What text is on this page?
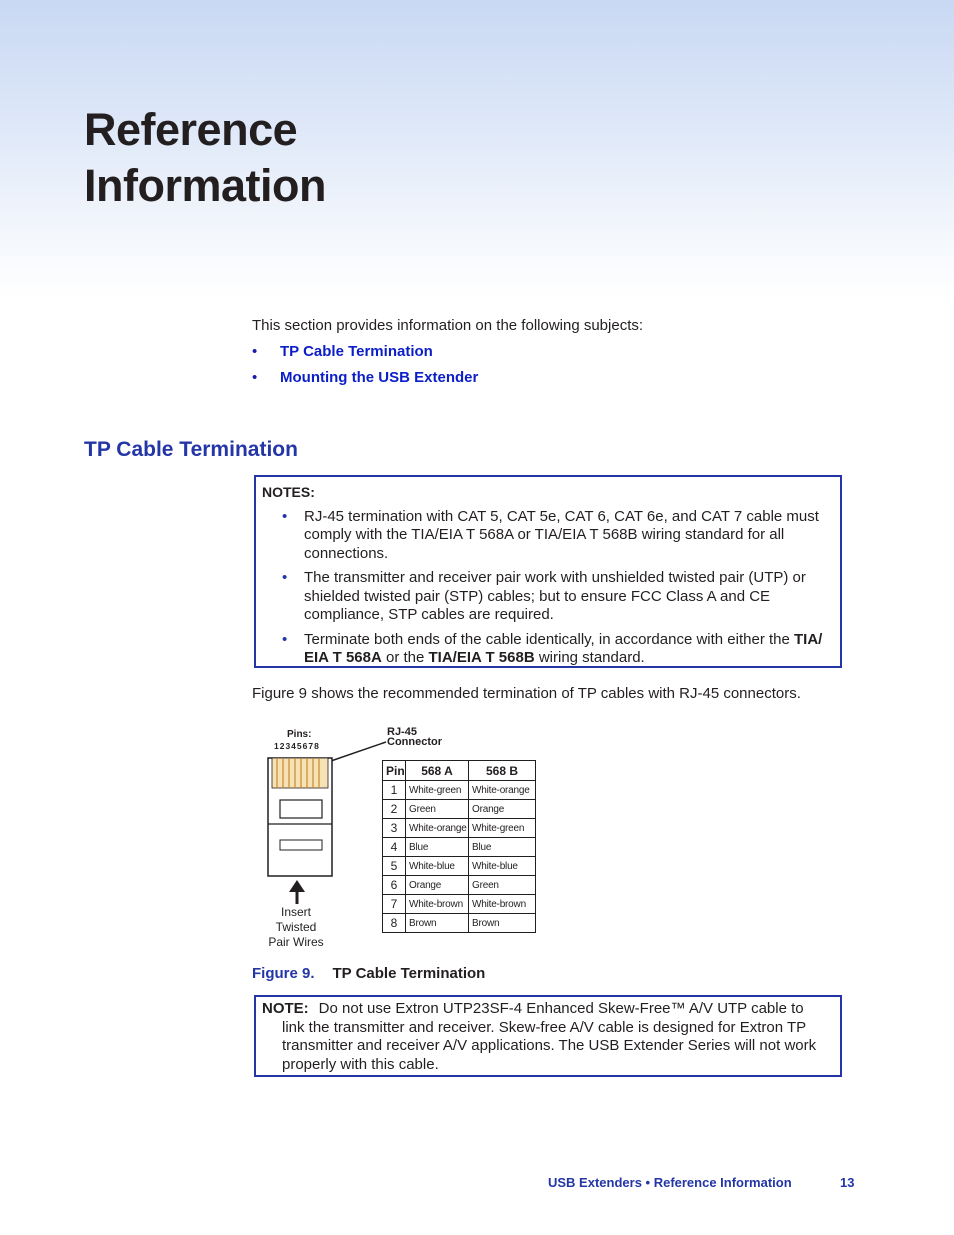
Reference
Information
This section provides information on the following subjects:
•	TP Cable Termination
•	Mounting the USB Extender
TP Cable Termination
NOTES:
•	RJ-45 termination with CAT 5, CAT 5e, CAT 6, CAT 6e, and CAT 7 cable must comply with the TIA/EIA T 568A or TIA/EIA T 568B wiring standard for all connections.
•	The transmitter and receiver pair work with unshielded twisted pair (UTP) or shielded twisted pair (STP) cables; but to ensure FCC Class A and CE compliance, STP cables are required.
•	Terminate both ends of the cable identically, in accordance with either the TIA/ EIA T 568A or the TIA/EIA T 568B wiring standard.
Figure 9 shows the recommended termination of TP cables with RJ-45 connectors.
Pins:
12345678
RJ-45
Connector
Insert
Twisted
Pair Wires
Pin	568 A	568 B
1	White-green	White-orange
2	Green	Orange
3	White-orange	White-green
4	Blue	Blue
5	White-blue	White-blue
6	Orange	Green
7	White-brown	White-brown
8	Brown	Brown
Figure 9. TP Cable Termination
NOTE: Do not use Extron UTP23SF-4 Enhanced Skew-Free™ A/V UTP cable to link the transmitter and receiver. Skew-free A/V cable is designed for Extron TP transmitter and receiver A/V applications. The USB Extender Series will not work properly with this cable.
USB Extenders • Reference Information	13
